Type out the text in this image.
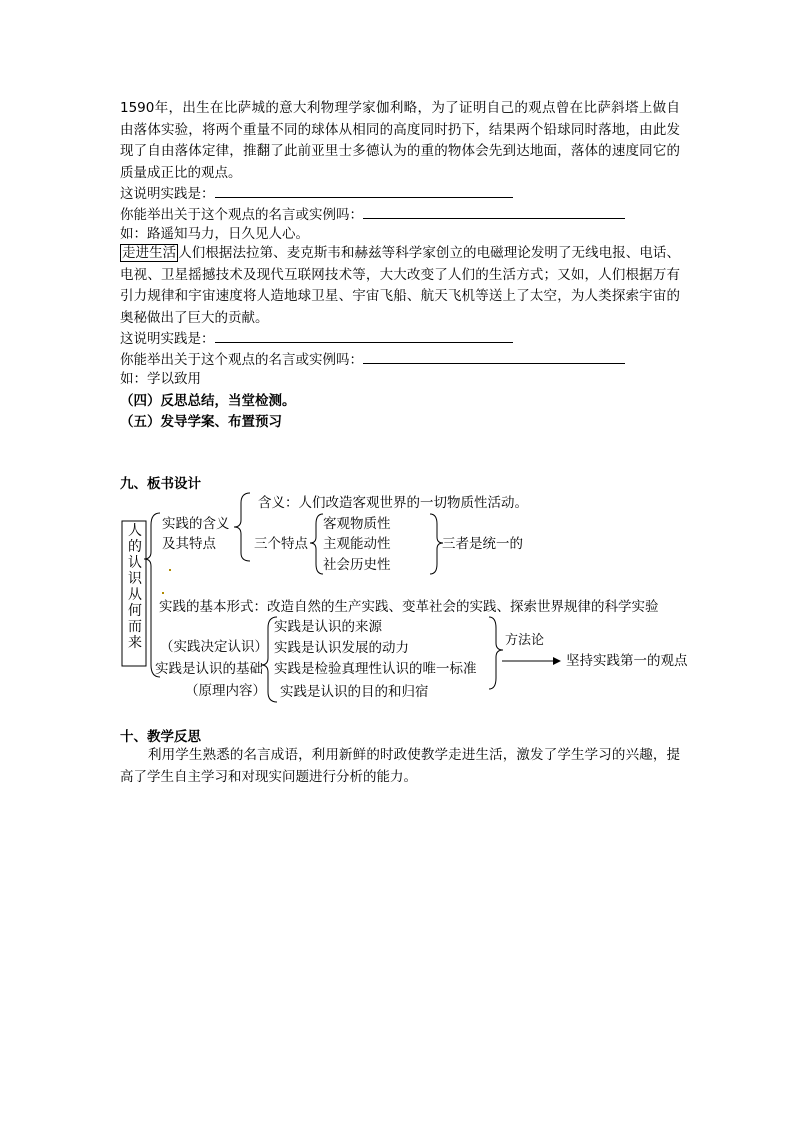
1590年，出生在比萨城的意大利物理学家伽利略，为了证明自己的观点曾在比萨斜塔上做自由落体实验，将两个重量不同的球体从相同的高度同时扔下，结果两个铅球同时落地，由此发现了自由落体定律，推翻了此前亚里士多德认为的重的物体会先到达地面，落体的速度同它的质量成正比的观点。
这说明实践是：
你能举出关于这个观点的名言或实例吗：
如：路遥知马力，日久见人心。
走进生活 人们根据法拉第、麦克斯韦和赫兹等科学家创立的电磁理论发明了无线电报、电话、电视、卫星摇撼技术及现代互联网技术等，大大改变了人们的生活方式；又如，人们根据万有引力规律和宇宙速度将人造地球卫星、宇宙飞船、航天飞机等送上了太空，为人类探索宇宙的奥秘做出了巨大的贡献。
这说明实践是：
你能举出关于这个观点的名言或实例吗：
如：学以致用
（四）反思总结，当堂检测。
（五）发导学案、布置预习
九、板书设计
人的认识从何而来
实践的含义
及其特点
含义：人们改造客观世界的一切物质性活动。
三个特点
客观物质性
主观能动性
社会历史性
三者是统一的
实践的基本形式：改造自然的生产实践、变革社会的实践、探索世界规律的科学实验
（实践决定认识）
实践是认识的基础
（原理内容）
实践是认识的来源
实践是认识发展的动力
实践是检验真理性认识的唯一标准
实践是认识的目的和归宿
方法论
坚持实践第一的观点
十、教学反思
利用学生熟悉的名言成语，利用新鲜的时政使教学走进生活，激发了学生学习的兴趣，提高了学生自主学习和对现实问题进行分析的能力。
